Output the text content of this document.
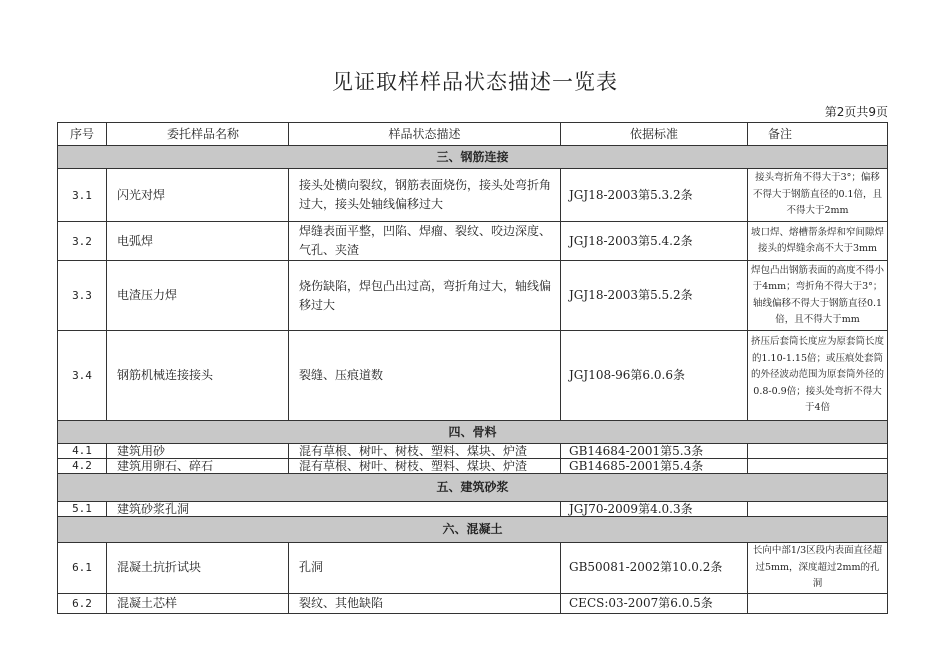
见证取样样品状态描述一览表
第2页共9页
序号	委托样品名称	样品状态描述	依据标准	备注
三、钢筋连接				
3.1	闪光对焊	接头处横向裂纹，钢筋表面烧伤，接头处弯折角过大，接头处轴线偏移过大	JGJ18-2003第5.3.2条	接头弯折角不得大于3°；偏移不得大于钢筋直径的0.1倍，且不得大于2mm
3.2	电弧焊	焊缝表面平整，凹陷、焊瘤、裂纹、咬边深度、气孔、夹渣	JGJ18-2003第5.4.2条	坡口焊、熔槽帮条焊和窄间隙焊接头的焊缝余高不大于3mm
3.3	电渣压力焊	烧伤缺陷，焊包凸出过高，弯折角过大，轴线偏移过大	JGJ18-2003第5.5.2条	焊包凸出钢筋表面的高度不得小于4mm；弯折角不得大于3°；轴线偏移不得大于钢筋直径0.1倍，且不得大于mm
3.4	钢筋机械连接接头	裂缝、压痕道数	JGJ108-96第6.0.6条	挤压后套筒长度应为原套筒长度的1.10-1.15倍；或压痕处套筒的外径波动范围为原套筒外径的0.8-0.9倍；接头处弯折不得大于4倍
四、骨料				
4.1	建筑用砂	混有草根、树叶、树枝、塑料、煤块、炉渣	GB14684-2001第5.3条	
4.2	建筑用卵石、碎石	混有草根、树叶、树枝、塑料、煤块、炉渣	GB14685-2001第5.4条	
五、建筑砂浆				
5.1	建筑砂浆孔洞		JGJ70-2009第4.0.3条	
六、混凝土				
6.1	混凝土抗折试块	孔洞	GB50081-2002第10.0.2条	长向中部1/3区段内表面直径超过5mm，深度超过2mm的孔洞
6.2	混凝土芯样	裂纹、其他缺陷	CECS:03-2007第6.0.5条	
